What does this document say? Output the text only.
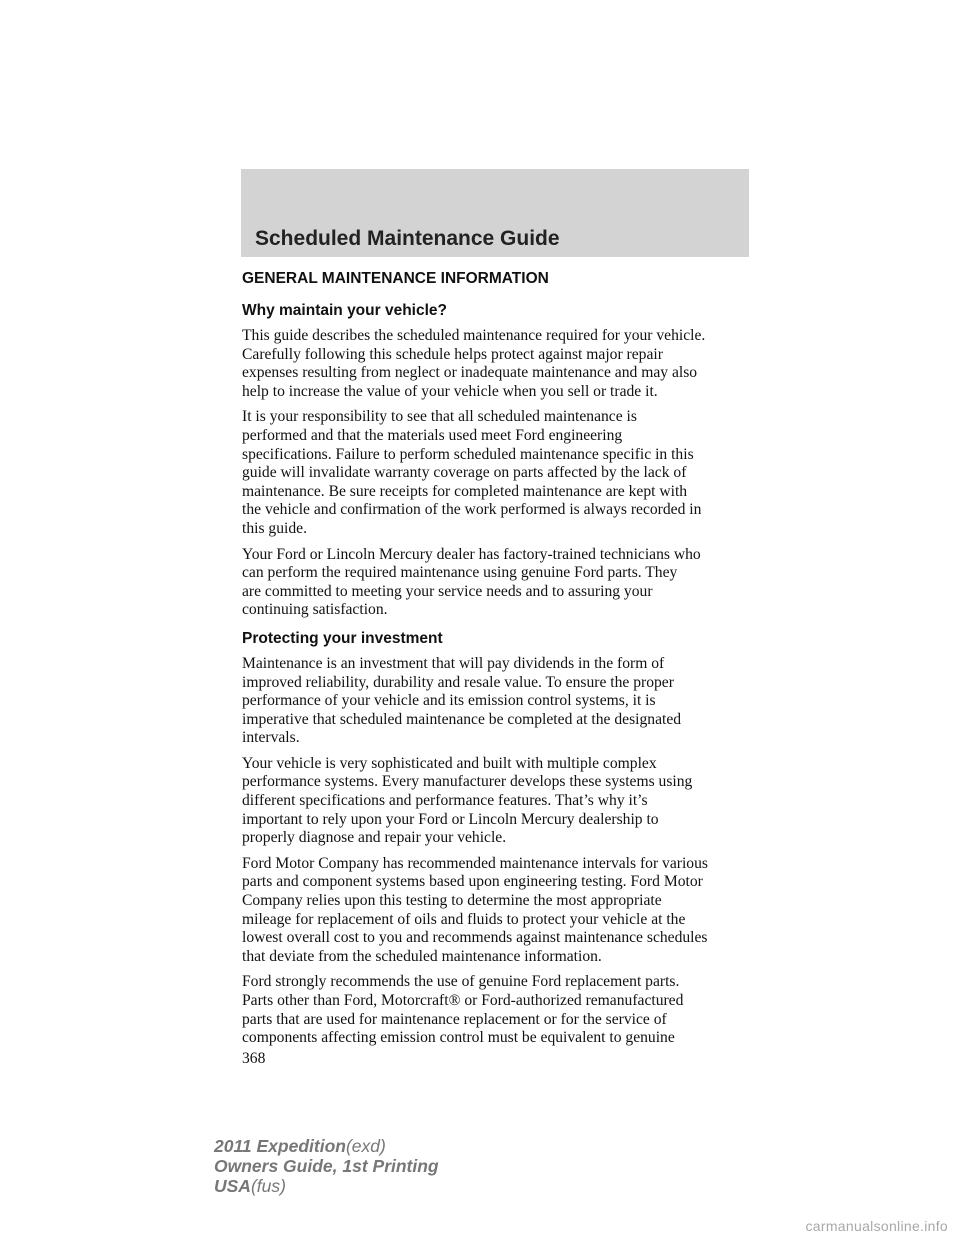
Scheduled Maintenance Guide
GENERAL MAINTENANCE INFORMATION
Why maintain your vehicle?

This guide describes the scheduled maintenance required for your vehicle.
Carefully following this schedule helps protect against major repair
expenses resulting from neglect or inadequate maintenance and may also
help to increase the value of your vehicle when you sell or trade it.

It is your responsibility to see that all scheduled maintenance is
performed and that the materials used meet Ford engineering
specifications. Failure to perform scheduled maintenance specific in this
guide will invalidate warranty coverage on parts affected by the lack of
maintenance. Be sure receipts for completed maintenance are kept with
the vehicle and confirmation of the work performed is always recorded in
this guide.

Your Ford or Lincoln Mercury dealer has factory-trained technicians who
can perform the required maintenance using genuine Ford parts. They
are committed to meeting your service needs and to assuring your
continuing satisfaction.

Protecting your investment

Maintenance is an investment that will pay dividends in the form of
improved reliability, durability and resale value. To ensure the proper
performance of your vehicle and its emission control systems, it is
imperative that scheduled maintenance be completed at the designated
intervals.

Your vehicle is very sophisticated and built with multiple complex
performance systems. Every manufacturer develops these systems using
different specifications and performance features. That’s why it’s
important to rely upon your Ford or Lincoln Mercury dealership to
properly diagnose and repair your vehicle.

Ford Motor Company has recommended maintenance intervals for various
parts and component systems based upon engineering testing. Ford Motor
Company relies upon this testing to determine the most appropriate
mileage for replacement of oils and fluids to protect your vehicle at the
lowest overall cost to you and recommends against maintenance schedules
that deviate from the scheduled maintenance information.

Ford strongly recommends the use of genuine Ford replacement parts.
Parts other than Ford, Motorcraft® or Ford-authorized remanufactured
parts that are used for maintenance replacement or for the service of
components affecting emission control must be equivalent to genuine

368
2011 Expedition(exd)
Owners Guide, 1st Printing
USA(fus)
carmanualsonline.info
